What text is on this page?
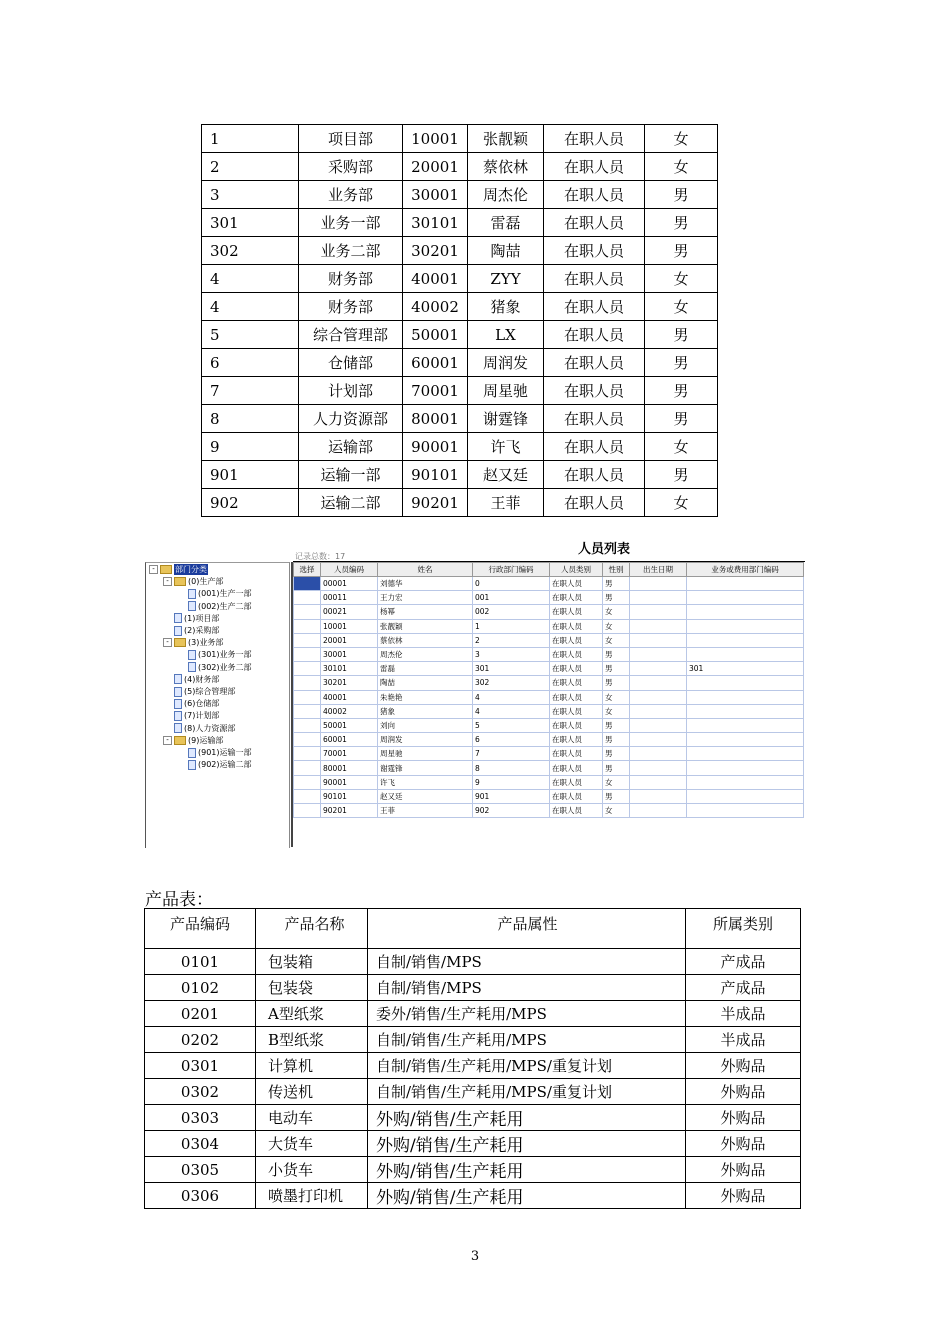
1	项目部	10001	张靓颖	在职人员	女
2	采购部	20001	蔡依林	在职人员	女
3	业务部	30001	周杰伦	在职人员	男
301	业务一部	30101	雷磊	在职人员	男
302	业务二部	30201	陶喆	在职人员	男
4	财务部	40001	ZYY	在职人员	女
4	财务部	40002	猪象	在职人员	女
5	综合管理部	50001	LX	在职人员	男
6	仓储部	60001	周润发	在职人员	男
7	计划部	70001	周星驰	在职人员	男
8	人力资源部	80001	谢霆锋	在职人员	男
9	运输部	90001	许飞	在职人员	女
901	运输一部	90101	赵又廷	在职人员	男
902	运输二部	90201	王菲	在职人员	女
人员列表
记录总数：17
-	部门分类
-	(0)生产部
(001)生产一部
(002)生产二部
(1)项目部
(2)采购部
-	(3)业务部
(301)业务一部
(302)业务二部
(4)财务部
(5)综合管理部
(6)仓储部
(7)计划部
(8)人力资源部
-	(9)运输部
(901)运输一部
(902)运输二部
选择	人员编码	姓名	行政部门编码	人员类别	性别	出生日期	业务或费用部门编码
	00001	刘德华	0	在职人员	男		
	00011	王力宏	001	在职人员	男		
	00021	杨幂	002	在职人员	女		
	10001	张靓颖	1	在职人员	女		
	20001	蔡依林	2	在职人员	女		
	30001	周杰伦	3	在职人员	男		
	30101	雷磊	301	在职人员	男		301
	30201	陶喆	302	在职人员	男		
	40001	朱艳艳	4	在职人员	女		
	40002	猪象	4	在职人员	女		
	50001	刘向	5	在职人员	男		
	60001	周润发	6	在职人员	男		
	70001	周星驰	7	在职人员	男		
	80001	谢霆锋	8	在职人员	男		
	90001	许飞	9	在职人员	女		
	90101	赵又廷	901	在职人员	男		
	90201	王菲	902	在职人员	女		
产品表：
产品编码	产品名称	产品属性	所属类别
0101	包装箱	自制/销售/MPS	产成品
0102	包装袋	自制/销售/MPS	产成品
0201	A型纸浆	委外/销售/生产耗用/MPS	半成品
0202	B型纸浆	自制/销售/生产耗用/MPS	半成品
0301	计算机	自制/销售/生产耗用/MPS/重复计划	外购品
0302	传送机	自制/销售/生产耗用/MPS/重复计划	外购品
0303	电动车	外购/销售/生产耗用	外购品
0304	大货车	外购/销售/生产耗用	外购品
0305	小货车	外购/销售/生产耗用	外购品
0306	喷墨打印机	外购/销售/生产耗用	外购品
3
